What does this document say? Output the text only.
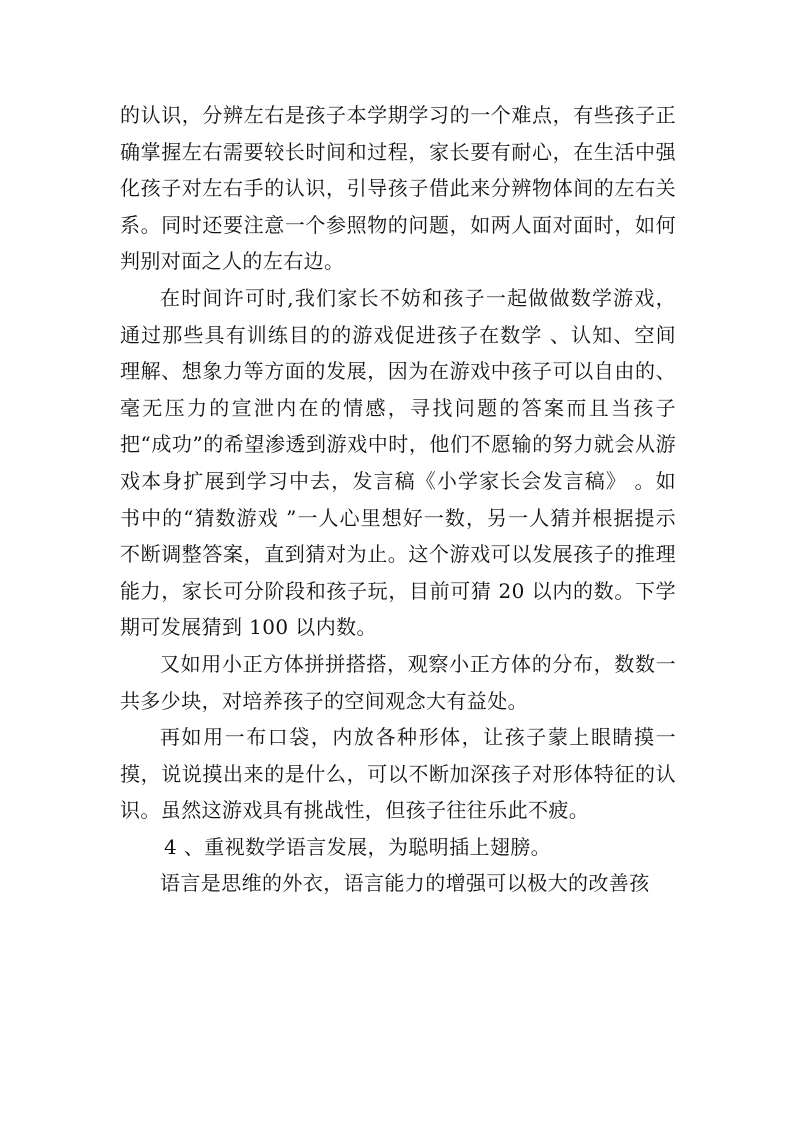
的认识，分辨左右是孩子本学期学习的一个难点，有些孩子正确掌握左右需要较长时间和过程，家长要有耐心，在生活中强化孩子对左右手的认识，引导孩子借此来分辨物体间的左右关系。同时还要注意一个参照物的问题，如两人面对面时，如何判别对面之人的左右边。

在时间许可时,我们家长不妨和孩子一起做做数学游戏，通过那些具有训练目的的游戏促进孩子在数学 、认知、空间理解、想象力等方面的发展，因为在游戏中孩子可以自由的、毫无压力的宣泄内在的情感，寻找问题的答案而且当孩子把“成功”的希望渗透到游戏中时，他们不愿输的努力就会从游戏本身扩展到学习中去，发言稿《小学家长会发言稿》 。如书中的“猜数游戏 ”一人心里想好一数，另一人猜并根据提示不断调整答案，直到猜对为止。这个游戏可以发展孩子的推理能力，家长可分阶段和孩子玩，目前可猜 20 以内的数。下学期可发展猜到 100 以内数。

又如用小正方体拼拼搭搭，观察小正方体的分布，数数一共多少块，对培养孩子的空间观念大有益处。

再如用一布口袋，内放各种形体，让孩子蒙上眼睛摸一摸，说说摸出来的是什么，可以不断加深孩子对形体特征的认识。虽然这游戏具有挑战性，但孩子往往乐此不疲。

4 、重视数学语言发展，为聪明插上翅膀。

语言是思维的外衣，语言能力的增强可以极大的改善孩
